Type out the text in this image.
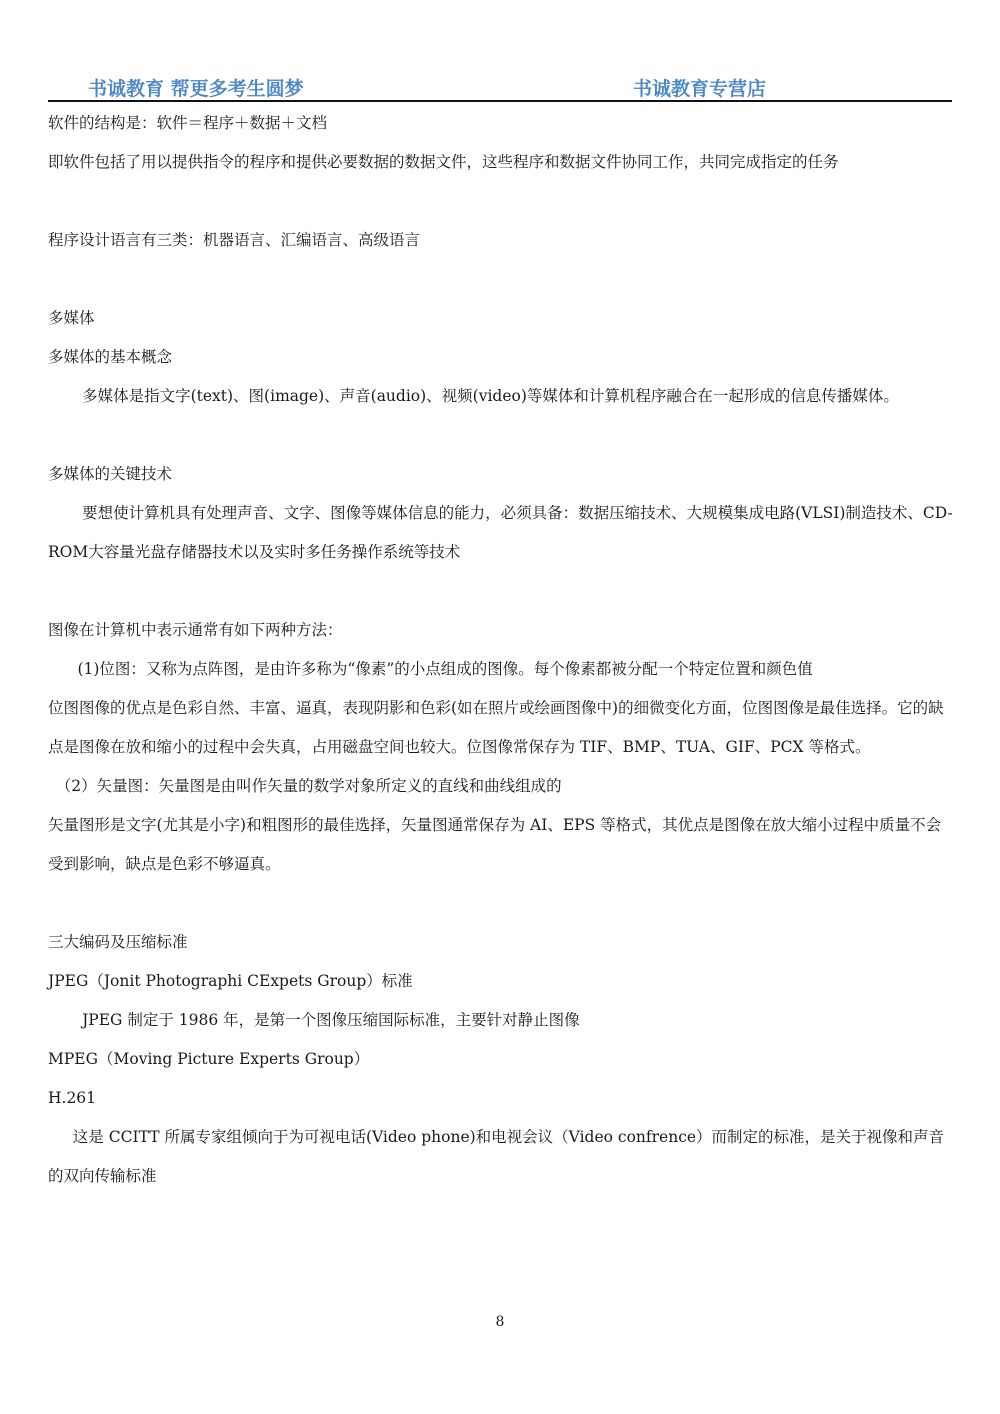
书诚教育 帮更多考生圆梦	书诚教育专营店

软件的结构是：软件＝程序＋数据＋文档

即软件包括了用以提供指令的程序和提供必要数据的数据文件，这些程序和数据文件协同工作，共同完成指定的任务

程序设计语言有三类：机器语言、汇编语言、高级语言

多媒体

多媒体的基本概念

多媒体是指文字(text)、图(image)、声音(audio)、视频(video)等媒体和计算机程序融合在一起形成的信息传播媒体。

多媒体的关键技术

要想使计算机具有处理声音、文字、图像等媒体信息的能力，必须具备：数据压缩技术、大规模集成电路(VLSI)制造技术、CD-ROM大容量光盘存储器技术以及实时多任务操作系统等技术

图像在计算机中表示通常有如下两种方法：

(1)位图：又称为点阵图，是由许多称为“像素”的小点组成的图像。每个像素都被分配一个特定位置和颜色值

位图图像的优点是色彩自然、丰富、逼真，表现阴影和色彩(如在照片或绘画图像中)的细微变化方面，位图图像是最佳选择。它的缺点是图像在放和缩小的过程中会失真，占用磁盘空间也较大。位图像常保存为 TIF、BMP、TUA、GIF、PCX 等格式。

（2）矢量图：矢量图是由叫作矢量的数学对象所定义的直线和曲线组成的

矢量图形是文字(尤其是小字)和粗图形的最佳选择，矢量图通常保存为 AI、EPS 等格式，其优点是图像在放大缩小过程中质量不会受到影响，缺点是色彩不够逼真。

三大编码及压缩标准

JPEG（Jonit Photographi CExpets Group）标准

JPEG 制定于 1986 年，是第一个图像压缩国际标准，主要针对静止图像

MPEG（Moving Picture Experts Group）

H.261

这是 CCITT 所属专家组倾向于为可视电话(Video phone)和电视会议（Video confrence）而制定的标准，是关于视像和声音的双向传输标准

8
